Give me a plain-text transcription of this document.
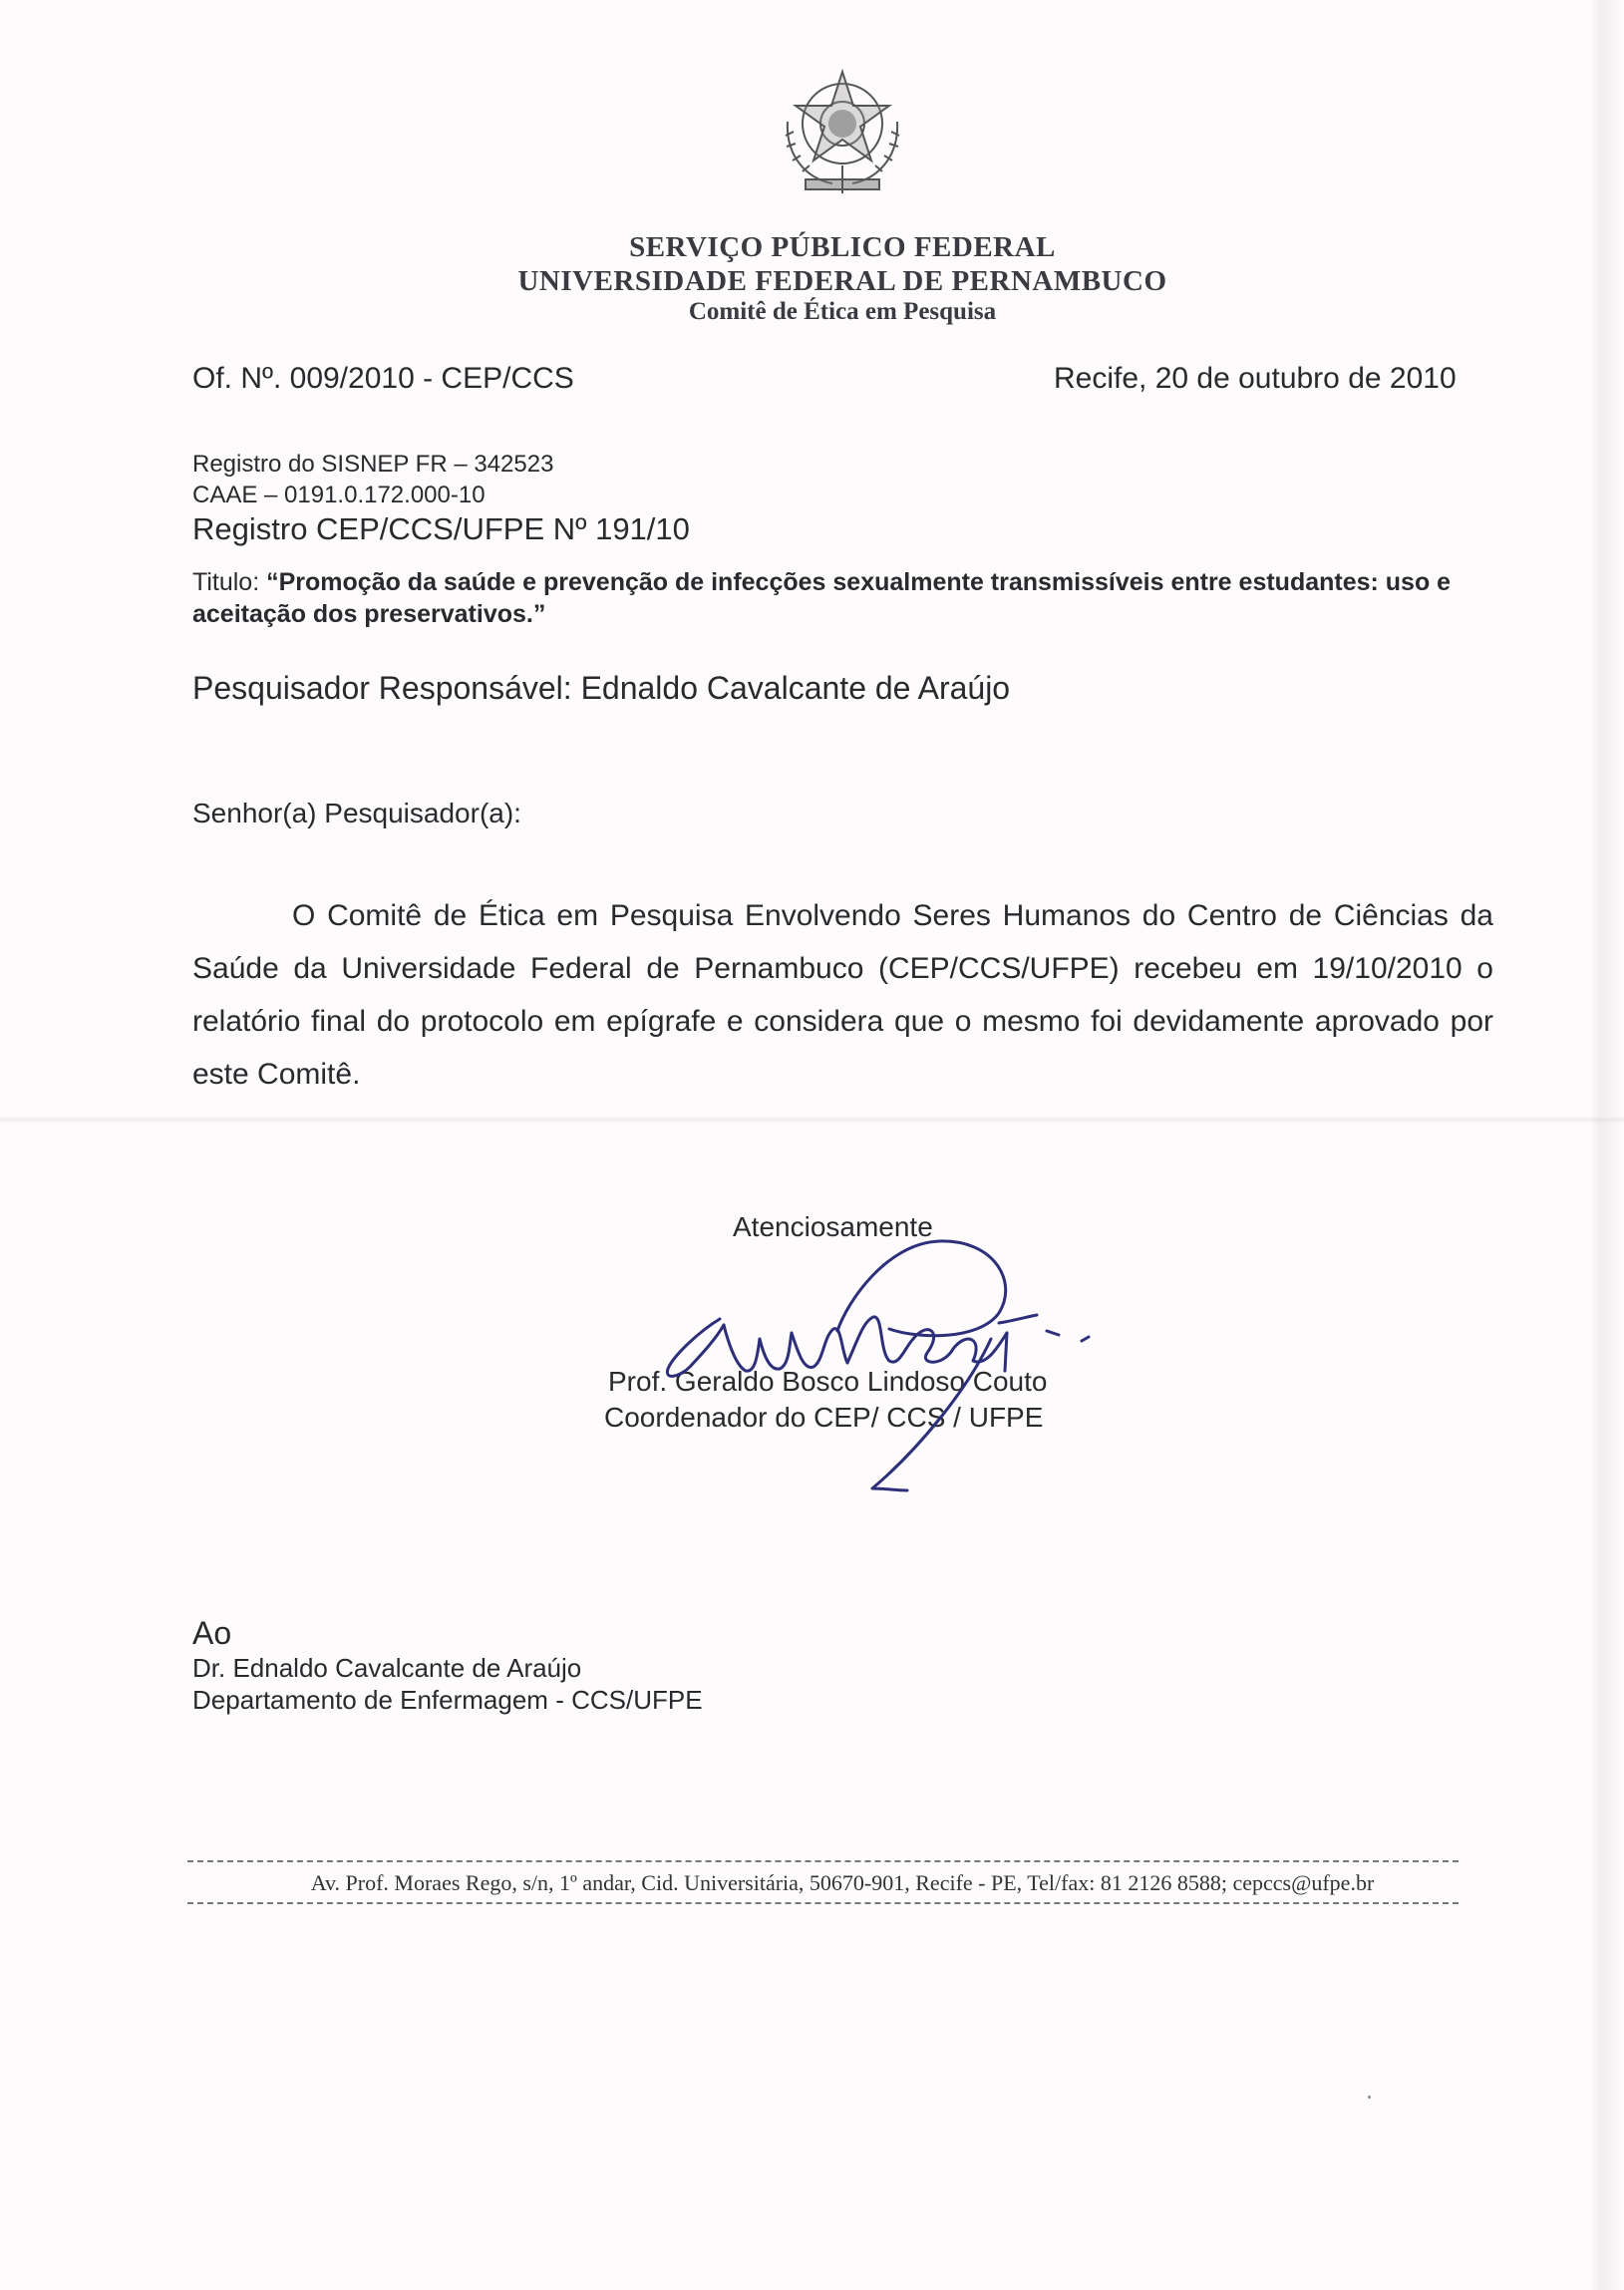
SERVIÇO PÚBLICO FEDERAL
UNIVERSIDADE FEDERAL DE PERNAMBUCO
Comitê de Ética em Pesquisa
Of. Nº. 009/2010 - CEP/CCS	Recife, 20 de outubro de 2010
Registro do SISNEP FR – 342523
CAAE – 0191.0.172.000-10
Registro CEP/CCS/UFPE Nº 191/10
Titulo: “Promoção da saúde e prevenção de infecções sexualmente transmissíveis entre estudantes: uso e aceitação dos preservativos.”
Pesquisador Responsável: Ednaldo Cavalcante de Araújo
Senhor(a) Pesquisador(a):
O Comitê de Ética em Pesquisa Envolvendo Seres Humanos do Centro de Ciências da Saúde da Universidade Federal de Pernambuco (CEP/CCS/UFPE) recebeu em 19/10/2010 o relatório final do protocolo em epígrafe e considera que o mesmo foi devidamente aprovado por este Comitê.
Atenciosamente
Prof. Geraldo Bosco Lindoso Couto
Coordenador do CEP/ CCS / UFPE
Ao
Dr. Ednaldo Cavalcante de Araújo
Departamento de Enfermagem - CCS/UFPE
Av. Prof. Moraes Rego, s/n, 1º andar, Cid. Universitária, 50670-901, Recife - PE, Tel/fax: 81 2126 8588; cepccs@ufpe.br
